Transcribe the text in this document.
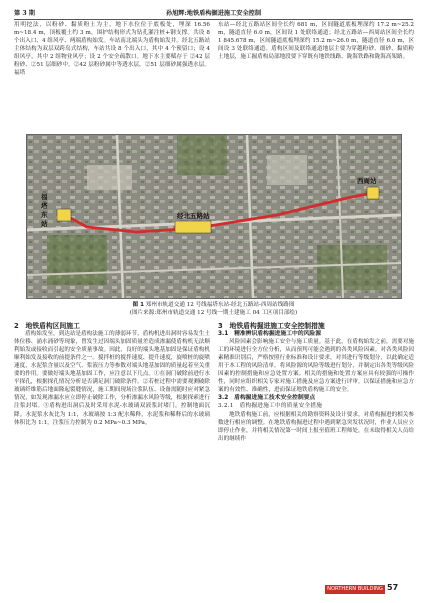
第 3 期	孙旭辉:地铁盾构掘进施工安全控制

用明挖法，以粉砂、黏质粉土为主，地下水位位于底板处，埋深 16.56 m~18.4 m，顶板覆土约 3 m，围护结构形式为钻孔灌注桩+钢支撑。共设 8 个出入口、4 组风亭、两端盾构始发。车站南北端头为盾构始发井。经北五路站主体结构为双层双跨岛式结构，车站共设 8 个出入口，其中 4 个预留口；设 4 组风亭，其中 2 组物业风亭；设 2 个安全疏散口。地下水主要赋存于 ②42 层粉砂、②51 层细砂中，②42 层粉砂属中等透水层，②51 层细砂属强透水层。福塔

东站—经北五路站区间全长约 681 m，区间隧道底板埋深约 17.2 m~25.2 m，隧道直径 6.0 m，区间设 1 处联络通道；经北五路站—西周站区间全长约 1 845.678 m，区间隧道底板埋深约 15.2 m~26.0 m，隧道直径 6.0 m，区间设 3 处联络通道。盾构区间及联络通道地层主要为穿越粉砂、细砂、黏质粉土地层，施工掘盾构局部地段要下穿既有地铁线路、陇海铁路和陇海高架路。

经北五路站
福
塔
东
站
西周站
图 1 郑州市轨道交通 12 号线福塔东站-经北五路站-西周站线路图
(图片来源:郑州市轨道交通 12 号线一期土建施工 04 工区项目部绘)

2　地铁盾构区间施工

盾构始发至，到达站是盾构法施工的薄弱环节，盾构机进出洞时容易发生土体位移、涌水涌砂等现象，曾发生过因端头加固质量差造成渗漏使盾构机无法顺利始发或接收而引起的安全质量事故。因此，良好的端头地基加固是保证盾构机顺利始发及接收的前提条件之一。搅拌桩的搅拌速度、提升速度，旋喷桩的旋喷速度，水泥浆含量以及空气、浆液压力等参数对端头地基加固的质量起着至关重要的作用。要做好端头地基加固工作，应注意以下几点。①在洞门破除前进行水平探孔，根据探孔情况分析是否满足洞门破除条件。②若桩过程中需要观测破除玻璃纤维筋后地面隆起裂缝情况，施工期间现场注浆队伍、设备需随时应对紧急情况，如发现渗漏水应立即停止破除工作，分析渗漏水风险等级，根据探索进行注浆封堵。③盾构进出洞后及时采用水泥-水玻璃双液浆封堵门，控制地面沉降。水泥浆水灰比为 1:1，水玻璃按 1:3 配水稀释，水泥浆和稀释后的水玻璃体积比为 1:1，注浆压力控制为 0.2 MPa~0.3 MPa。

3　地铁盾构掘进施工安全控制措施

3.1　精准辨识盾构掘进施工中的风险源

风险因素会影响施工安全与施工质量。基于此，在盾构始发之前，需要对施工的环境进行全方位分析，从而预判可能会遇到的各类风险因素。对各类风险因素精准识别后，严格按照行业标准和设计要求，对其进行等级划分，以此确定适用于本工程的风险清单，将风险源的风险等级进行划分，并制定出各类等级风险因素的控制措施和应急处置方案。相关的措施和处置方案应具有较强的可操作性，同时应组织相关专家对施工措施及应急方案进行评审，以保证措施和应急方案的有效性、准确性，进而保证地铁盾构施工的安全。

3.2　盾构掘进施工技术安全控制要点

3.2.1　盾构掘进施工中的质量安全措施

地铁盾构施工前，应根据相关的勘察资料及设计要求，对盾构掘进的相关参数进行相应的调整。在地铁盾构掘进过程中遇到紧急突发状况时，作业人员应立即停止作业，并将相关情况第一时间上报至值班工程师处，在未取得相关人员给出的继续作

NORTHERN BUILDING 57
